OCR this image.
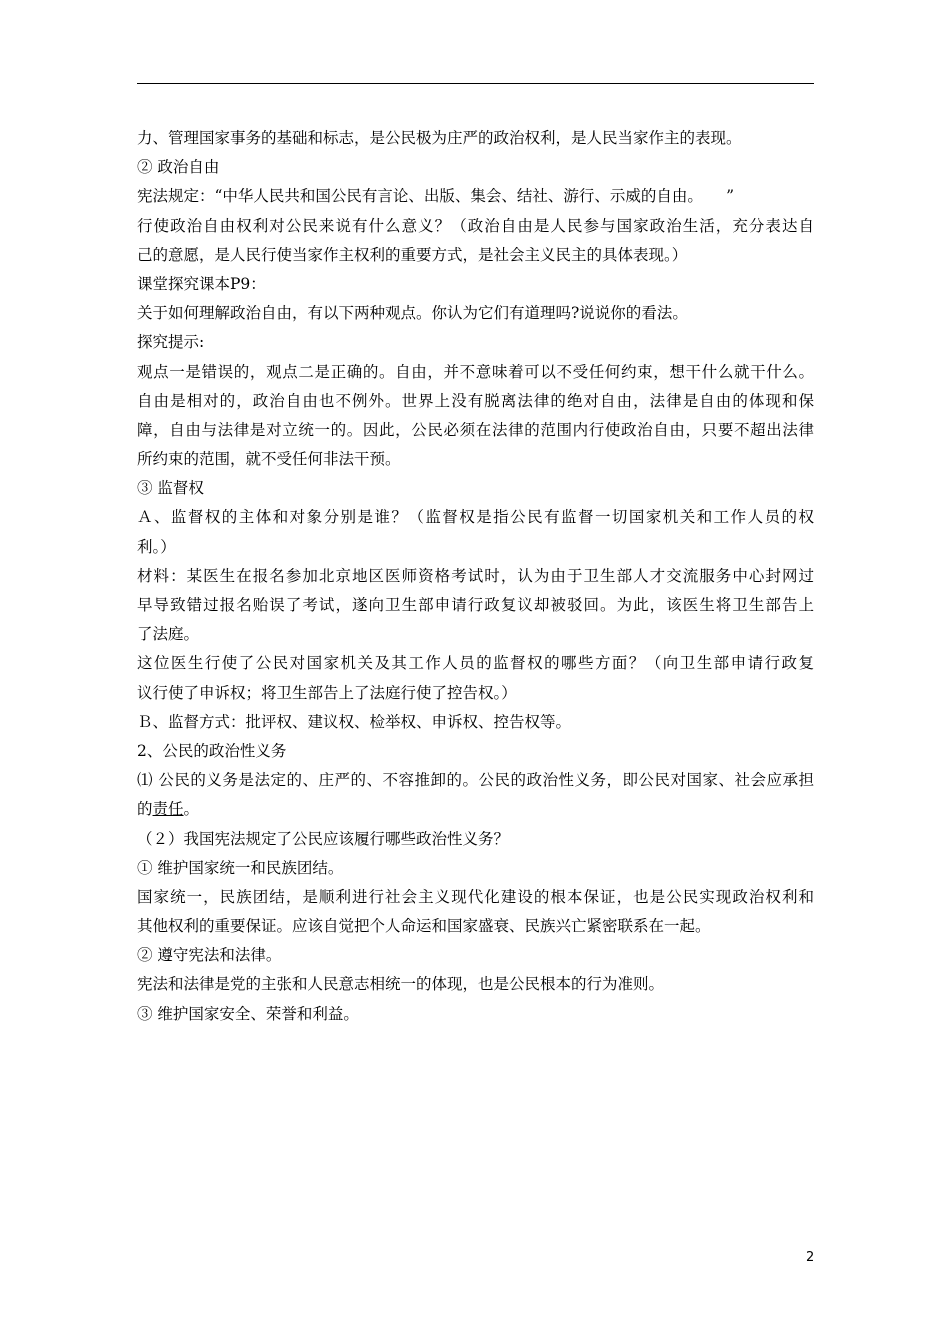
力、管理国家事务的基础和标志，是公民极为庄严的政治权利，是人民当家作主的表现。
② 政治自由
宪法规定：“中华人民共和国公民有言论、出版、集会、结社、游行、示威的自由。　　”
行使政治自由权利对公民来说有什么意义？（政治自由是人民参与国家政治生活，充分表达自
己的意愿，是人民行使当家作主权利的重要方式，是社会主义民主的具体表现。）
课堂探究课本P9：
关于如何理解政治自由，有以下两种观点。你认为它们有道理吗?说说你的看法。
探究提示:
观点一是错误的，观点二是正确的。自由，并不意味着可以不受任何约束，想干什么就干什么。
自由是相对的，政治自由也不例外。世界上没有脱离法律的绝对自由，法律是自由的体现和保
障，自由与法律是对立统一的。因此，公民必须在法律的范围内行使政治自由，只要不超出法律
所约束的范围，就不受任何非法干预。
③ 监督权
Ａ、监督权的主体和对象分别是谁？（监督权是指公民有监督一切国家机关和工作人员的权
利。）
材料：某医生在报名参加北京地区医师资格考试时，认为由于卫生部人才交流服务中心封网过
早导致错过报名贻误了考试，遂向卫生部申请行政复议却被驳回。为此，该医生将卫生部告上
了法庭。
这位医生行使了公民对国家机关及其工作人员的监督权的哪些方面？（向卫生部申请行政复
议行使了申诉权；将卫生部告上了法庭行使了控告权。）
Ｂ、监督方式：批评权、建议权、检举权、申诉权、控告权等。
2、公民的政治性义务
⑴ 公民的义务是法定的、庄严的、不容推卸的。公民的政治性义务，即公民对国家、社会应承担
的责任。
（２）我国宪法规定了公民应该履行哪些政治性义务？
① 维护国家统一和民族团结。
国家统一，民族团结，是顺利进行社会主义现代化建设的根本保证，也是公民实现政治权利和
其他权利的重要保证。应该自觉把个人命运和国家盛衰、民族兴亡紧密联系在一起。
② 遵守宪法和法律。
宪法和法律是党的主张和人民意志相统一的体现，也是公民根本的行为准则。
③ 维护国家安全、荣誉和利益。
2
